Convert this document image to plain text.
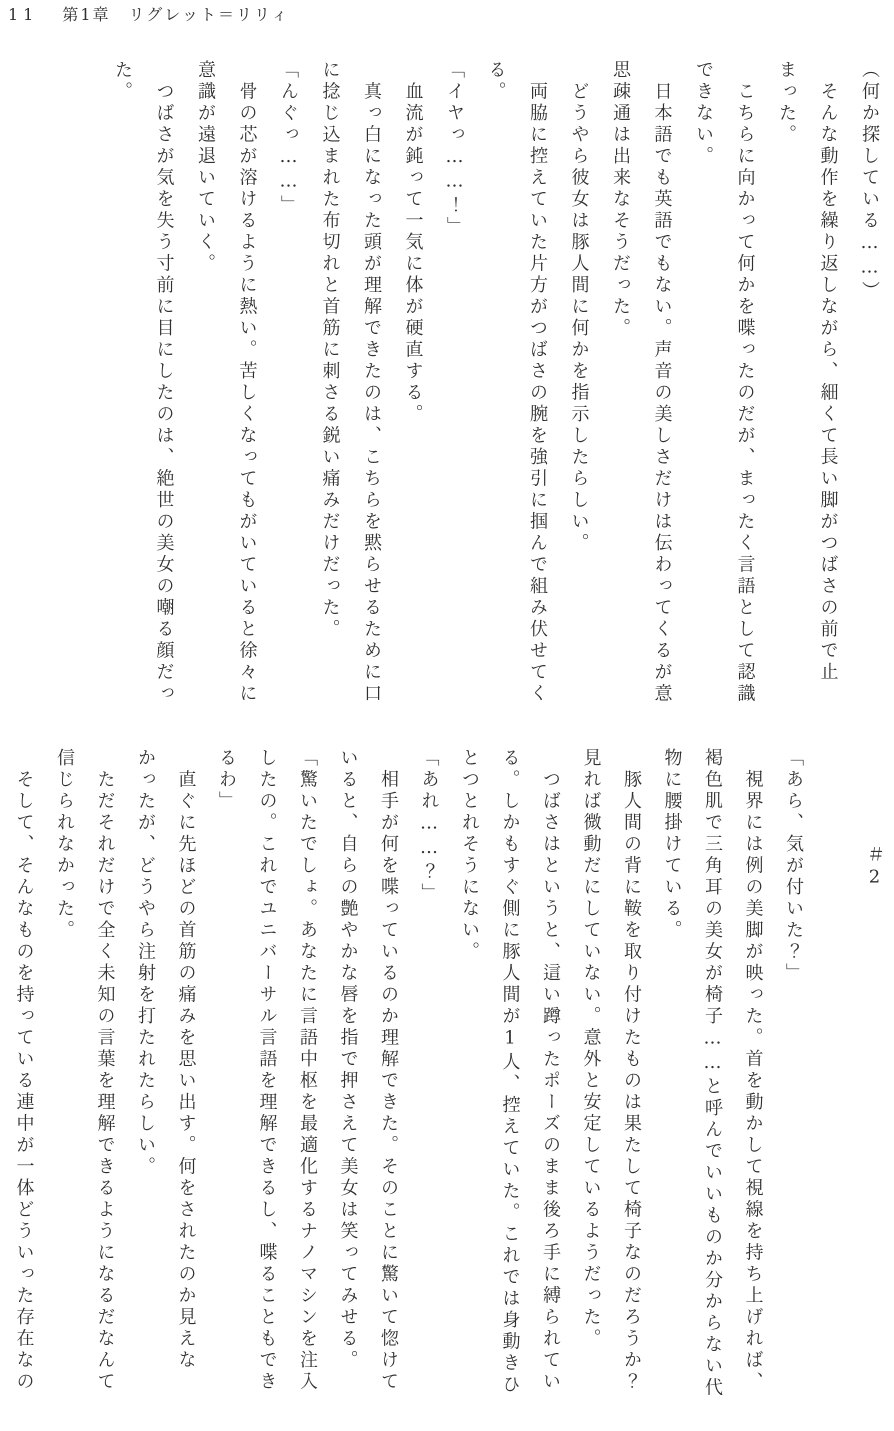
11 第1章　リグレット＝リリィ

（何か探している……）

　そんな動作を繰り返しながら、細くて長い脚がつばさの前で止

まった。

　こちらに向かって何かを喋ったのだが、まったく言語として認識

できない。

　日本語でも英語でもない。声音の美しさだけは伝わってくるが意

思疎通は出来なそうだった。

　どうやら彼女は豚人間に何かを指示したらしい。

　両脇に控えていた片方がつばさの腕を強引に掴んで組み伏せてく

る。

「イヤっ……！」

　血流が鈍って一気に体が硬直する。

　真っ白になった頭が理解できたのは、こちらを黙らせるために口

に捻じ込まれた布切れと首筋に刺さる鋭い痛みだけだった。

「んぐっ……」

　骨の芯が溶けるように熱い。苦しくなってもがいていると徐々に

意識が遠退いていく。

　つばさが気を失う寸前に目にしたのは、絶世の美女の嘲る顔だっ

た。

＃2

「あら、気が付いた？」

　視界には例の美脚が映った。首を動かして視線を持ち上げれば、

褐色肌で三角耳の美女が椅子……と呼んでいいものか分からない代

物に腰掛けている。

　豚人間の背に鞍を取り付けたものは果たして椅子なのだろうか？

見れば微動だにしていない。意外と安定しているようだった。

　つばさはというと、這い蹲ったポーズのまま後ろ手に縛られてい

る。しかもすぐ側に豚人間が1人、控えていた。これでは身動きひ

とつとれそうにない。

「あれ……？」

　相手が何を喋っているのか理解できた。そのことに驚いて惚けて

いると、自らの艶やかな唇を指で押さえて美女は笑ってみせる。

「驚いたでしょ。あなたに言語中枢を最適化するナノマシンを注入

したの。これでユニバーサル言語を理解できるし、喋ることもでき

るわ」

　直ぐに先ほどの首筋の痛みを思い出す。何をされたのか見えな

かったが、どうやら注射を打たれたらしい。

　ただそれだけで全く未知の言葉を理解できるようになるだなんて

信じられなかった。

　そして、そんなものを持っている連中が一体どういった存在なの
